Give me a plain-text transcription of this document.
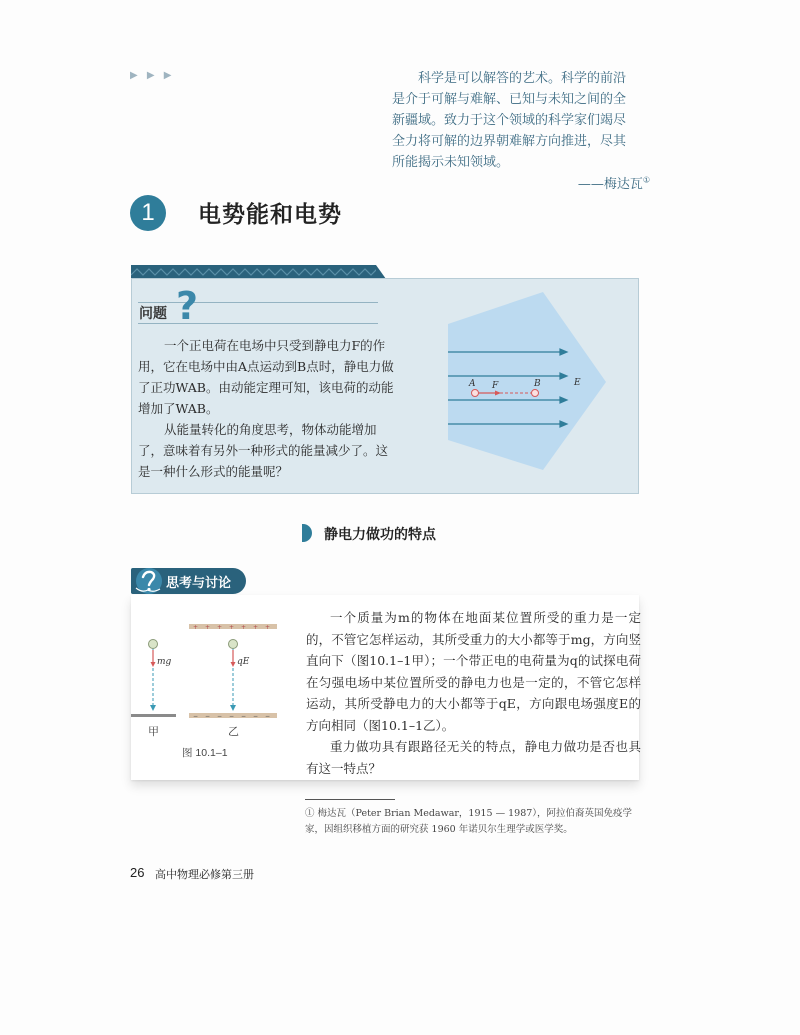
▶ ▶ ▶	　　科学是可以解答的艺术。科学的前沿
是介于可解与难解、已知与未知之间的全
新疆域。致力于这个领域的科学家们竭尽
全力将可解的边界朝难解方向推进，尽其
所能揭示未知领域。
——梅达瓦①
1	电势能和电势
问题 ?

一个正电荷在电场中只受到静电力F的作用，它在电场中由A点运动到B点时，静电力做了正功WAB。由动能定理可知，该电荷的动能增加了WAB。

从能量转化的角度思考，物体动能增加了，意味着有另外一种形式的能量减少了。这是一种什么形式的能量呢？

A F	B	E
静电力做功的特点
思考与讨论

一个质量为m的物体在地面某位置所受的重力是一定的，不管它怎样运动，其所受重力的大小都等于mg，方向竖直向下（图10.1–1甲）；一个带正电的电荷量为q的试探电荷在匀强电场中某位置所受的静电力也是一定的，不管它怎样运动，其所受静电力的大小都等于qE，方向跟电场强度E的方向相同（图10.1–1乙）。

重力做功具有跟路径无关的特点，静电力做功是否也具有这一特点？

mg
+ + + + + + +
qE
− − − − − − −
甲	乙
图 10.1–1
① 梅达瓦（Peter Brian Medawar，1915 — 1987），阿拉伯裔英国免疫学家，因组织移植方面的研究获 1960 年诺贝尔生理学或医学奖。
26 高中物理必修第三册
